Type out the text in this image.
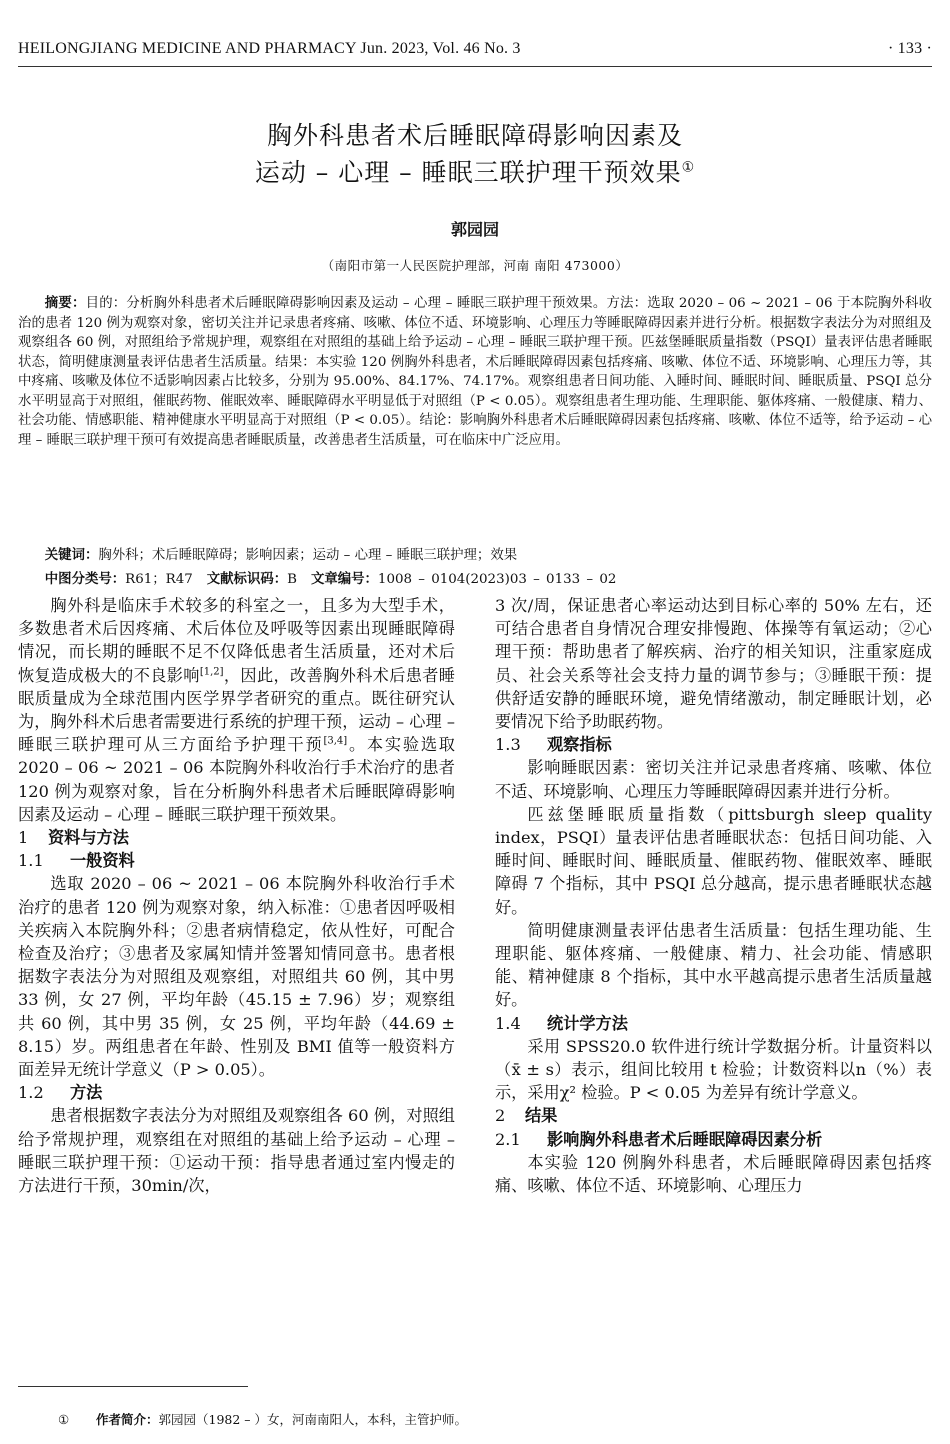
HEILONGJIANG MEDICINE AND PHARMACY Jun. 2023, Vol. 46 No. 3	· 133 ·
胸外科患者术后睡眠障碍影响因素及
运动 – 心理 – 睡眠三联护理干预效果①
郭园园
（南阳市第一人民医院护理部，河南 南阳 473000）
摘要：目的：分析胸外科患者术后睡眠障碍影响因素及运动 – 心理 – 睡眠三联护理干预效果。方法：选取 2020 – 06 ~ 2021 – 06 于本院胸外科收治的患者 120 例为观察对象，密切关注并记录患者疼痛、咳嗽、体位不适、环境影响、心理压力等睡眠障碍因素并进行分析。根据数字表法分为对照组及观察组各 60 例，对照组给予常规护理，观察组在对照组的基础上给予运动 – 心理 – 睡眠三联护理干预。匹兹堡睡眠质量指数（PSQI）量表评估患者睡眠状态，简明健康测量表评估患者生活质量。结果：本实验 120 例胸外科患者，术后睡眠障碍因素包括疼痛、咳嗽、体位不适、环境影响、心理压力等，其中疼痛、咳嗽及体位不适影响因素占比较多，分别为 95.00%、84.17%、74.17%。观察组患者日间功能、入睡时间、睡眠时间、睡眠质量、PSQI 总分水平明显高于对照组，催眠药物、催眠效率、睡眠障碍水平明显低于对照组（P < 0.05）。观察组患者生理功能、生理职能、躯体疼痛、一般健康、精力、社会功能、情感职能、精神健康水平明显高于对照组（P < 0.05）。结论：影响胸外科患者术后睡眠障碍因素包括疼痛、咳嗽、体位不适等，给予运动 – 心理 – 睡眠三联护理干预可有效提高患者睡眠质量，改善患者生活质量，可在临床中广泛应用。
关键词：胸外科；术后睡眠障碍；影响因素；运动 – 心理 – 睡眠三联护理；效果
中图分类号：R61；R47 文献标识码：B 文章编号：1008 – 0104(2023)03 – 0133 – 02

胸外科是临床手术较多的科室之一，且多为大型手术，多数患者术后因疼痛、术后体位及呼吸等因素出现睡眠障碍情况，而长期的睡眠不足不仅降低患者生活质量，还对术后恢复造成极大的不良影响[1,2]，因此，改善胸外科术后患者睡眠质量成为全球范围内医学界学者研究的重点。既往研究认为，胸外科术后患者需要进行系统的护理干预，运动 – 心理 – 睡眠三联护理可从三方面给予护理干预[3,4]。本实验选取 2020 – 06 ~ 2021 – 06 本院胸外科收治行手术治疗的患者 120 例为观察对象，旨在分析胸外科患者术后睡眠障碍影响因素及运动 – 心理 – 睡眠三联护理干预效果。

1 资料与方法
1.1 一般资料

选取 2020 – 06 ~ 2021 – 06 本院胸外科收治行手术治疗的患者 120 例为观察对象，纳入标准：①患者因呼吸相关疾病入本院胸外科；②患者病情稳定，依从性好，可配合检查及治疗；③患者及家属知情并签署知情同意书。患者根据数字表法分为对照组及观察组，对照组共 60 例，其中男 33 例，女 27 例，平均年龄（45.15 ± 7.96）岁；观察组共 60 例，其中男 35 例，女 25 例，平均年龄（44.69 ± 8.15）岁。两组患者在年龄、性别及 BMI 值等一般资料方面差异无统计学意义（P > 0.05）。

1.2 方法

患者根据数字表法分为对照组及观察组各 60 例，对照组给予常规护理，观察组在对照组的基础上给予运动 – 心理 – 睡眠三联护理干预：①运动干预：指导患者通过室内慢走的方法进行干预，30min/次，

3 次/周，保证患者心率运动达到目标心率的 50% 左右，还可结合患者自身情况合理安排慢跑、体操等有氧运动；②心理干预：帮助患者了解疾病、治疗的相关知识，注重家庭成员、社会关系等社会支持力量的调节参与；③睡眠干预：提供舒适安静的睡眠环境，避免情绪激动，制定睡眠计划，必要情况下给予助眠药物。

1.3 观察指标

影响睡眠因素：密切关注并记录患者疼痛、咳嗽、体位不适、环境影响、心理压力等睡眠障碍因素并进行分析。

匹兹堡睡眠质量指数（pittsburgh sleep quality index，PSQI）量表评估患者睡眠状态：包括日间功能、入睡时间、睡眠时间、睡眠质量、催眠药物、催眠效率、睡眠障碍 7 个指标，其中 PSQI 总分越高，提示患者睡眠状态越好。

简明健康测量表评估患者生活质量：包括生理功能、生理职能、躯体疼痛、一般健康、精力、社会功能、情感职能、精神健康 8 个指标，其中水平越高提示患者生活质量越好。

1.4 统计学方法

采用 SPSS20.0 软件进行统计学数据分析。计量资料以（x̄ ± s）表示，组间比较用 t 检验；计数资料以n（%）表示，采用χ² 检验。P < 0.05 为差异有统计学意义。

2 结果
2.1 影响胸外科患者术后睡眠障碍因素分析

本实验 120 例胸外科患者，术后睡眠障碍因素包括疼痛、咳嗽、体位不适、环境影响、心理压力

① 作者简介：郭园园（1982 – ）女，河南南阳人，本科，主管护师。
